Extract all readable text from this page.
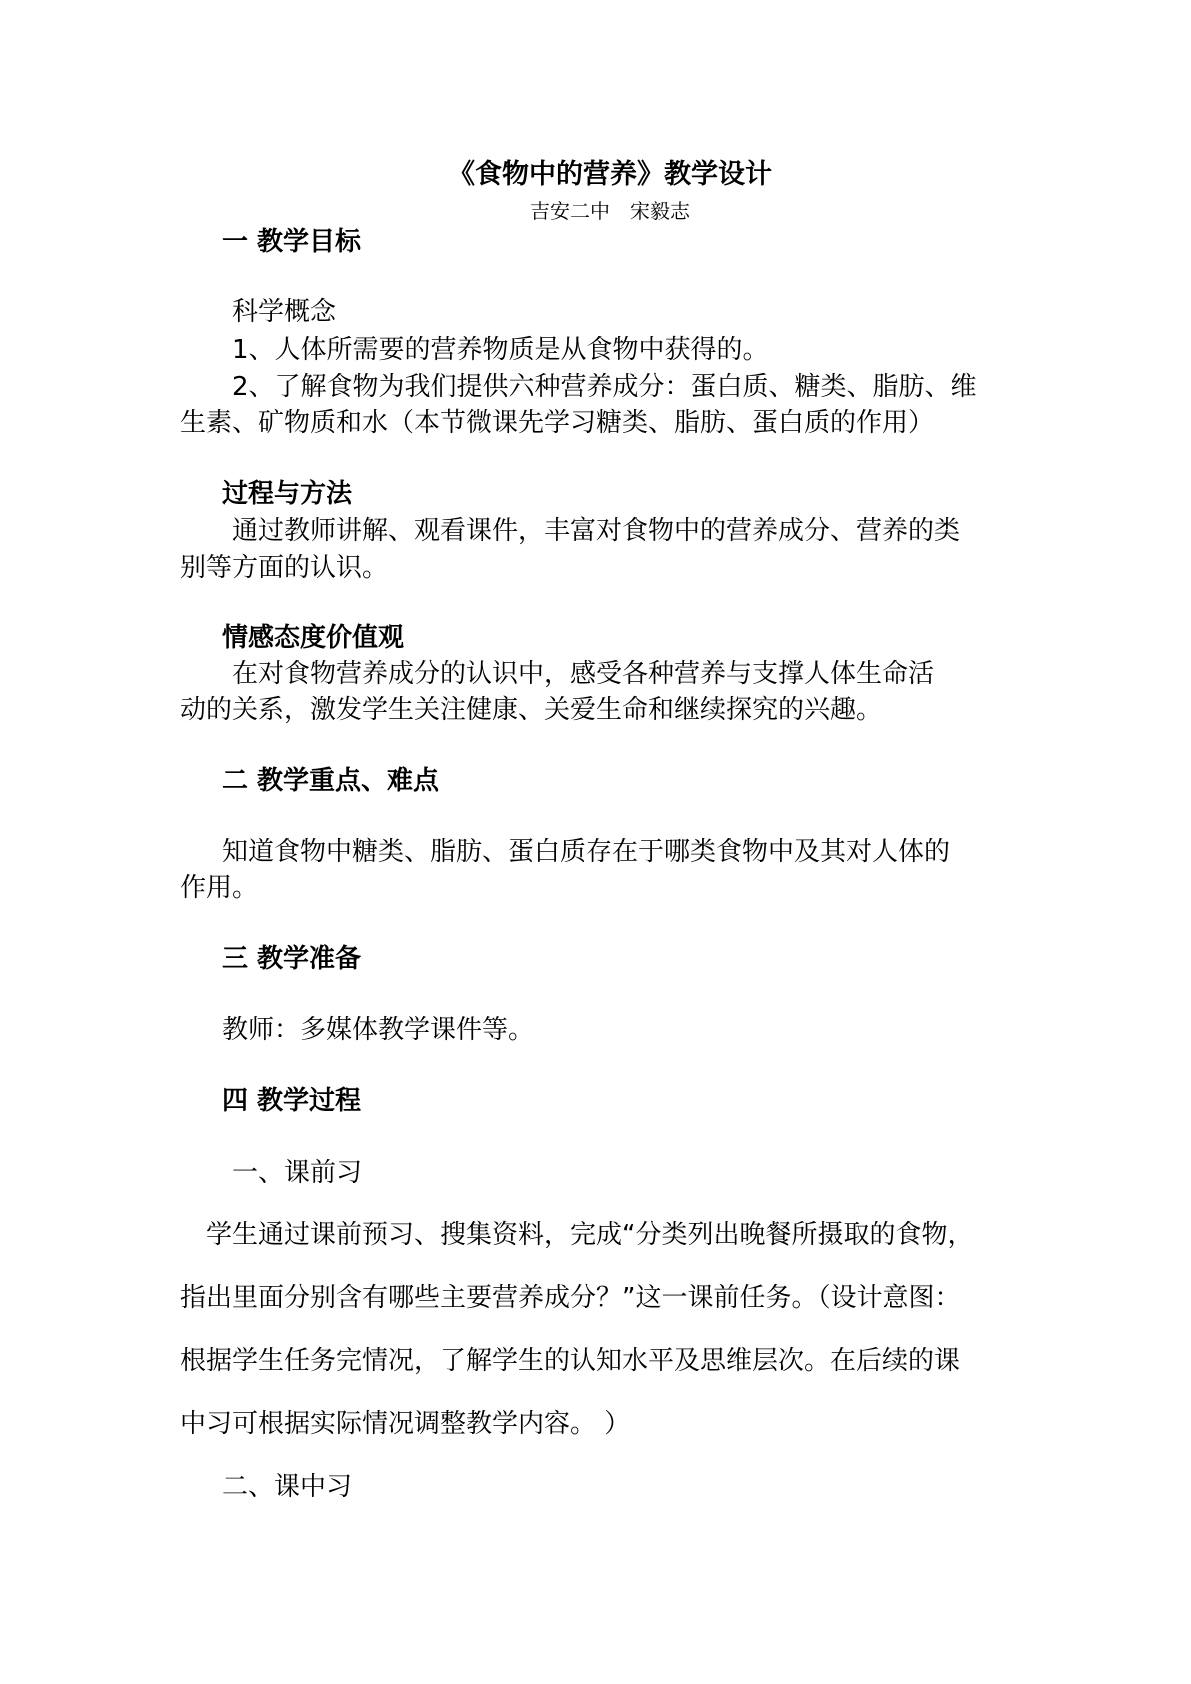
《食物中的营养》教学设计
吉安二中　宋毅志
一 教学目标
科学概念
1、人体所需要的营养物质是从食物中获得的。
2、了解食物为我们提供六种营养成分：蛋白质、糖类、脂肪、维
生素、矿物质和水（本节微课先学习糖类、脂肪、蛋白质的作用）
过程与方法
通过教师讲解、观看课件，丰富对食物中的营养成分、营养的类
别等方面的认识。
情感态度价值观
在对食物营养成分的认识中，感受各种营养与支撑人体生命活
动的关系，激发学生关注健康、关爱生命和继续探究的兴趣。
二 教学重点、难点
知道食物中糖类、脂肪、蛋白质存在于哪类食物中及其对人体的
作用。
三 教学准备
教师：多媒体教学课件等。
四 教学过程
一、课前习
学生通过课前预习、搜集资料，完成“分类列出晚餐所摄取的食物，
指出里面分别含有哪些主要营养成分？”这一课前任务。（设计意图：
根据学生任务完情况，了解学生的认知水平及思维层次。在后续的课
中习可根据实际情况调整教学内容。 ）
二、课中习
